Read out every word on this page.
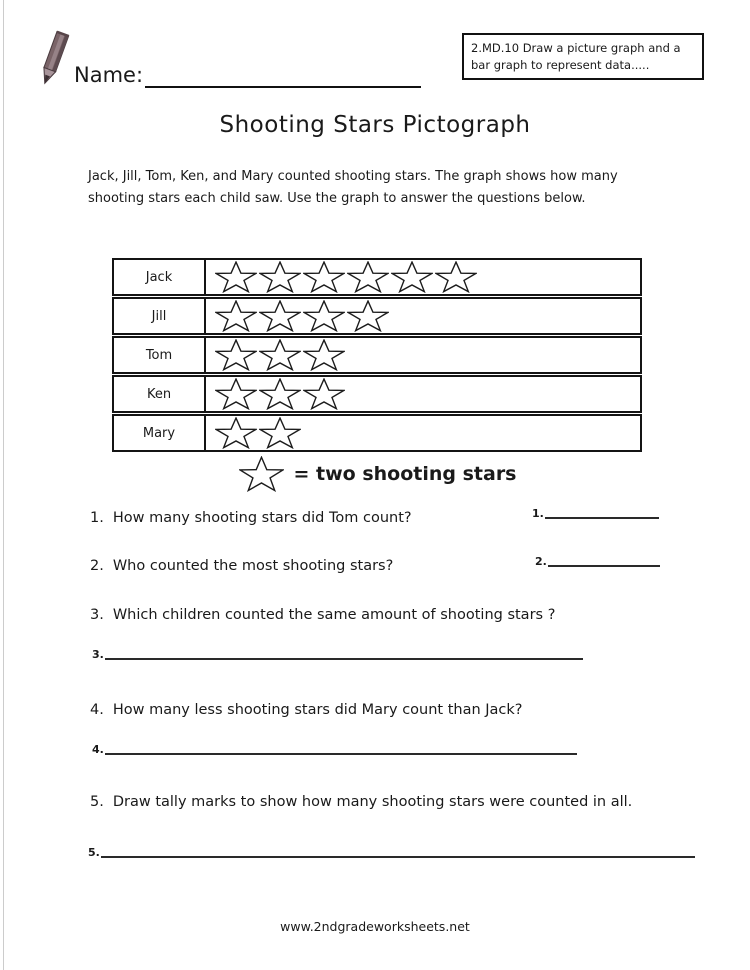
Name:
2.MD.10 Draw a picture graph and a bar graph to represent data.....
Shooting Stars Pictograph
Jack, Jill, Tom, Ken, and Mary counted shooting stars. The graph shows how many shooting stars each child saw. Use the graph to answer the questions below.
Jack
Jill
Tom
Ken
Mary
= two shooting stars
1. How many shooting stars did Tom count?	1.
2. Who counted the most shooting stars?	2.
3. Which children counted the same amount of shooting stars ?
3.
4. How many less shooting stars did Mary count than Jack?
4.
5. Draw tally marks to show how many shooting stars were counted in all.
5.
www.2ndgradeworksheets.net
